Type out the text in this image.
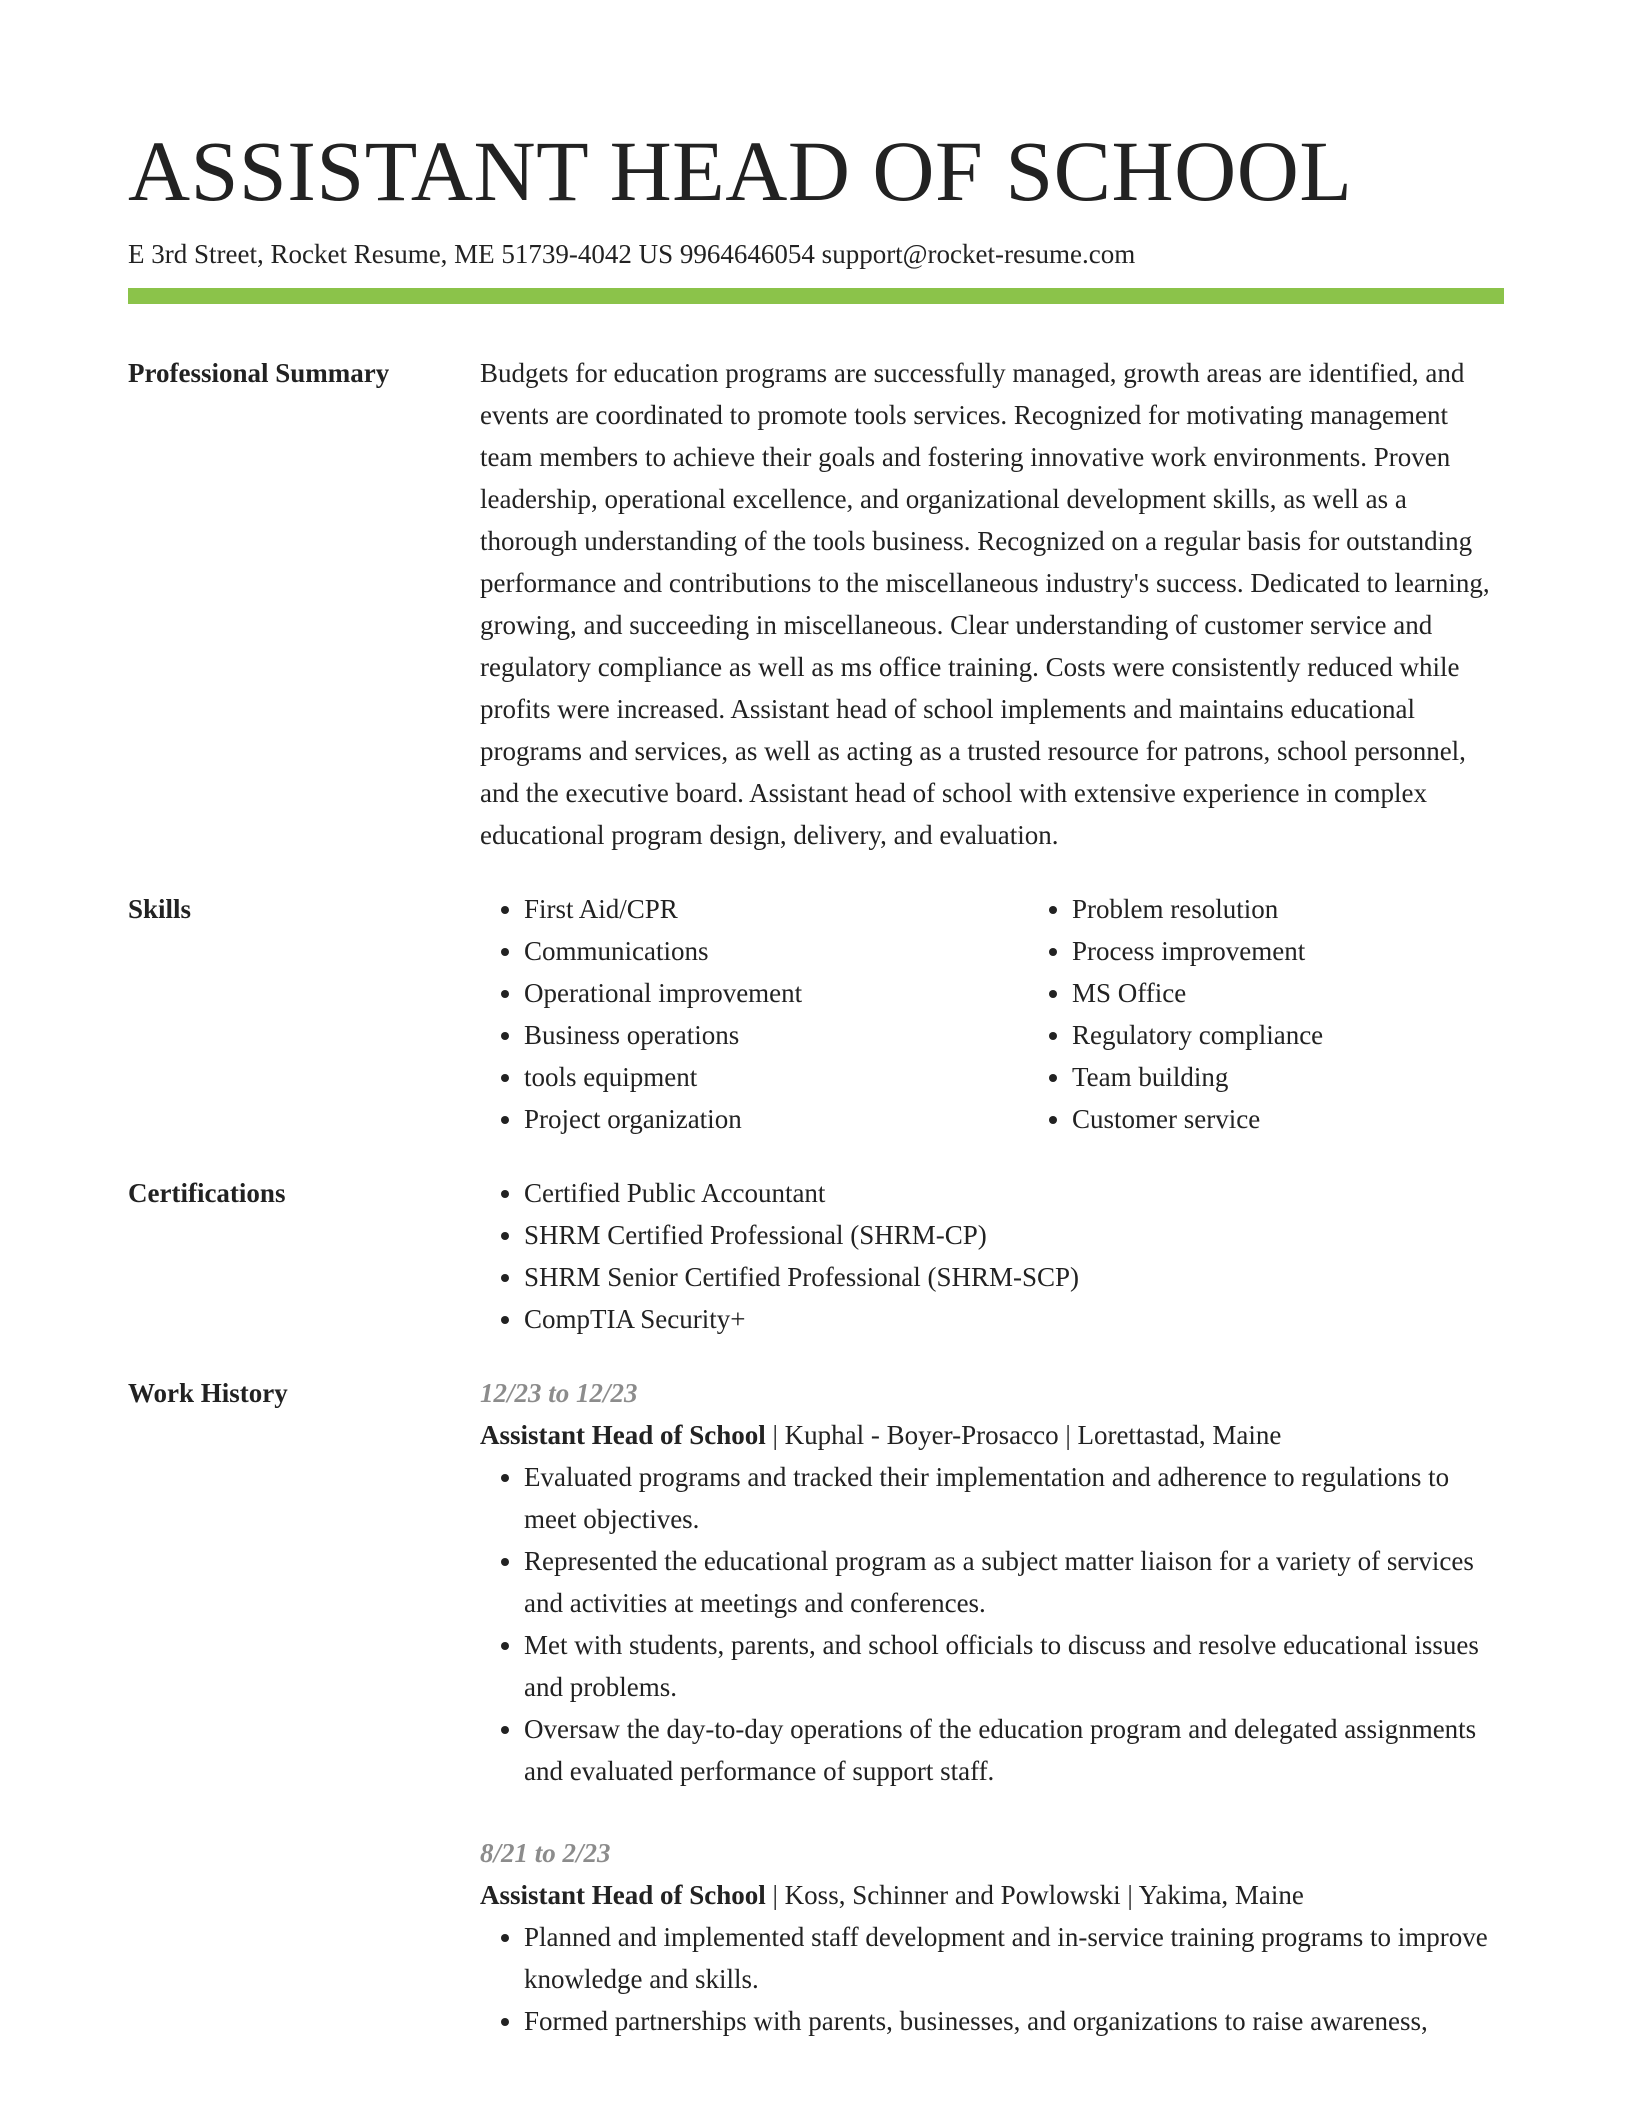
ASSISTANT HEAD OF SCHOOL
E 3rd Street, Rocket Resume, ME 51739-4042 US 9964646054 support@rocket-resume.com
Professional Summary	Budgets for education programs are successfully managed, growth areas are identified, and events are coordinated to promote tools services. Recognized for motivating management team members to achieve their goals and fostering innovative work environments. Proven leadership, operational excellence, and organizational development skills, as well as a thorough understanding of the tools business. Recognized on a regular basis for outstanding performance and contributions to the miscellaneous industry's success. Dedicated to learning, growing, and succeeding in miscellaneous. Clear understanding of customer service and regulatory compliance as well as ms office training. Costs were consistently reduced while profits were increased. Assistant head of school implements and maintains educational programs and services, as well as acting as a trusted resource for patrons, school personnel, and the executive board. Assistant head of school with extensive experience in complex educational program design, delivery, and evaluation.

Skills	• First Aid/CPR
• Communications
• Operational improvement
• Business operations
• tools equipment
• Project organization
• Problem resolution
• Process improvement
• MS Office
• Regulatory compliance
• Team building
• Customer service
Certifications	• Certified Public Accountant
• SHRM Certified Professional (SHRM-CP)
• SHRM Senior Certified Professional (SHRM-SCP)
• CompTIA Security+
Work History	12/23 to 12/23
Assistant Head of School | Kuphal - Boyer-Prosacco | Lorettastad, Maine
• Evaluated programs and tracked their implementation and adherence to regulations to meet objectives.
• Represented the educational program as a subject matter liaison for a variety of services and activities at meetings and conferences.
• Met with students, parents, and school officials to discuss and resolve educational issues and problems.
• Oversaw the day-to-day operations of the education program and delegated assignments and evaluated performance of support staff.
8/21 to 2/23
Assistant Head of School | Koss, Schinner and Powlowski | Yakima, Maine
• Planned and implemented staff development and in-service training programs to improve knowledge and skills.
• Formed partnerships with parents, businesses, and organizations to raise awareness,
